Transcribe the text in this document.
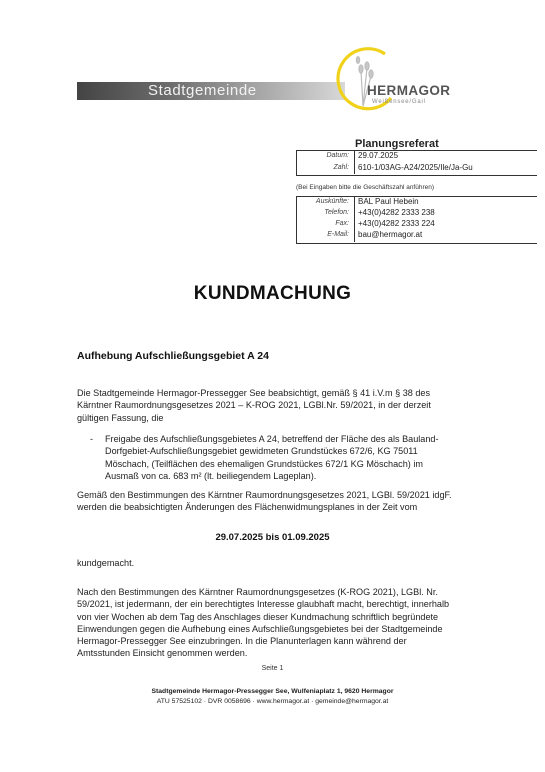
Stadtgemeinde	HERMAGOR
Weißensee/Gail
Planungsreferat
Datum: 29.07.2025
Zahl: 610-1/03AG-A24/2025/Ile/Ja-Gu
(Bei Eingaben bitte die Geschäftszahl anführen)
Auskünfte: BAL Paul Hebein
Telefon: +43(0)4282 2333 238
Fax: +43(0)4282 2333 224
E-Mail: bau@hermagor.at
KUNDMACHUNG
Aufhebung Aufschließungsgebiet A 24
Die Stadtgemeinde Hermagor-Pressegger See beabsichtigt, gemäß § 41 i.V.m § 38 des
Kärntner Raumordnungsgesetzes 2021 – K-ROG 2021, LGBl.Nr. 59/2021, in der derzeit
gültigen Fassung, die
- Freigabe des Aufschließungsgebietes A 24, betreffend der Fläche des als Bauland-
Dorfgebiet-Aufschließungsgebiet gewidmeten Grundstückes 672/6, KG 75011
Möschach, (Teilflächen des ehemaligen Grundstückes 672/1 KG Möschach) im
Ausmaß von ca. 683 m² (lt. beiliegendem Lageplan).
Gemäß den Bestimmungen des Kärntner Raumordnungsgesetzes 2021, LGBl. 59/2021 idgF.
werden die beabsichtigten Änderungen des Flächenwidmungsplanes in der Zeit vom
29.07.2025 bis 01.09.2025
kundgemacht.
Nach den Bestimmungen des Kärntner Raumordnungsgesetzes (K-ROG 2021), LGBl. Nr.
59/2021, ist jedermann, der ein berechtigtes Interesse glaubhaft macht, berechtigt, innerhalb
von vier Wochen ab dem Tag des Anschlages dieser Kundmachung schriftlich begründete
Einwendungen gegen die Aufhebung eines Aufschließungsgebietes bei der Stadtgemeinde
Hermagor-Pressegger See einzubringen. In die Planunterlagen kann während der
Amtsstunden Einsicht genommen werden.
Seite 1
Stadtgemeinde Hermagor-Pressegger See, Wulfeniaplatz 1, 9620 Hermagor
ATU 57525102 · DVR 0058696 · www.hermagor.at · gemeinde@hermagor.at
